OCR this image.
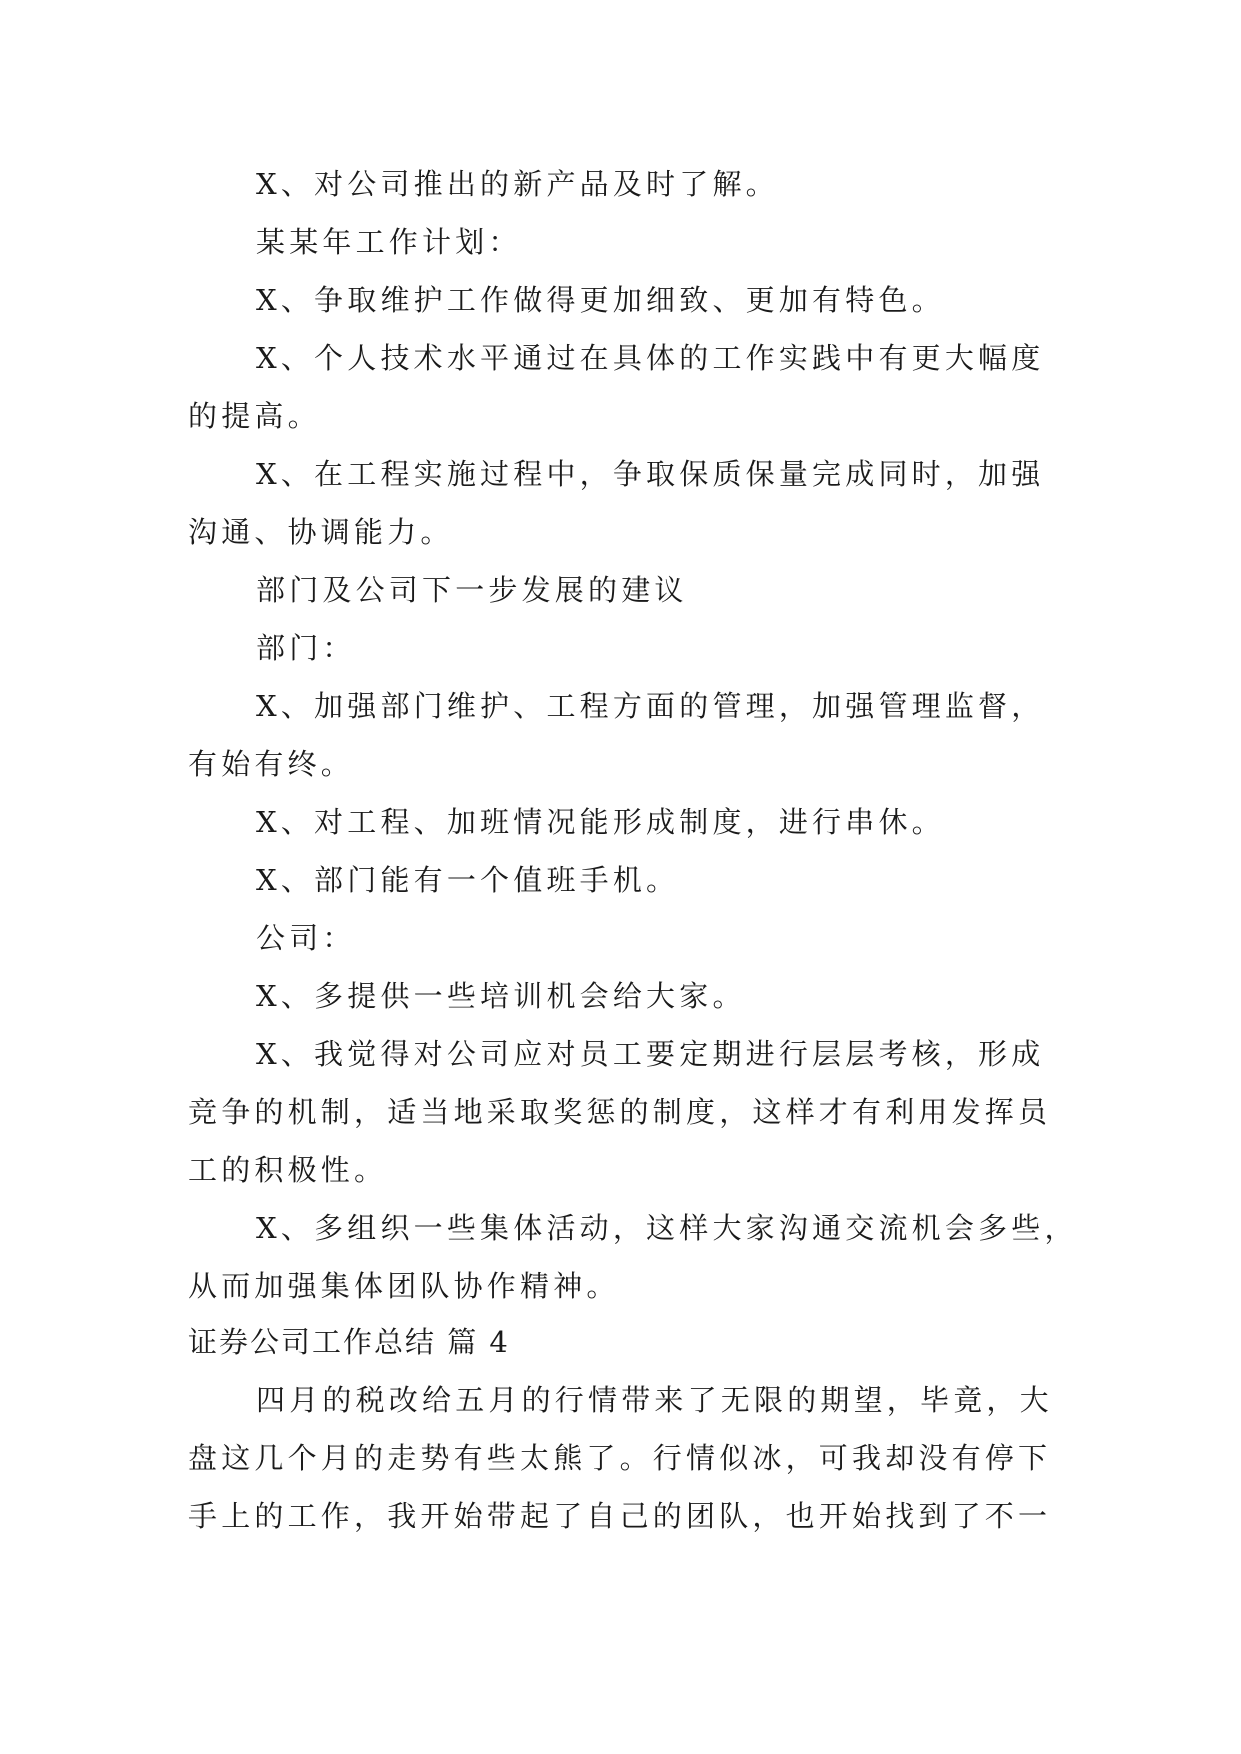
X、对公司推出的新产品及时了解。
某某年工作计划：
X、争取维护工作做得更加细致、更加有特色。
X、个人技术水平通过在具体的工作实践中有更大幅度
的提高。
X、在工程实施过程中，争取保质保量完成同时，加强
沟通、协调能力。
部门及公司下一步发展的建议
部门：
X、加强部门维护、工程方面的管理，加强管理监督，
有始有终。
X、对工程、加班情况能形成制度，进行串休。
X、部门能有一个值班手机。
公司：
X、多提供一些培训机会给大家。
X、我觉得对公司应对员工要定期进行层层考核，形成
竞争的机制，适当地采取奖惩的制度，这样才有利用发挥员
工的积极性。
X、多组织一些集体活动，这样大家沟通交流机会多些，
从而加强集体团队协作精神。
证券公司工作总结 篇 4
四月的税改给五月的行情带来了无限的期望，毕竟，大
盘这几个月的走势有些太熊了。行情似冰，可我却没有停下
手上的工作，我开始带起了自己的团队，也开始找到了不一
